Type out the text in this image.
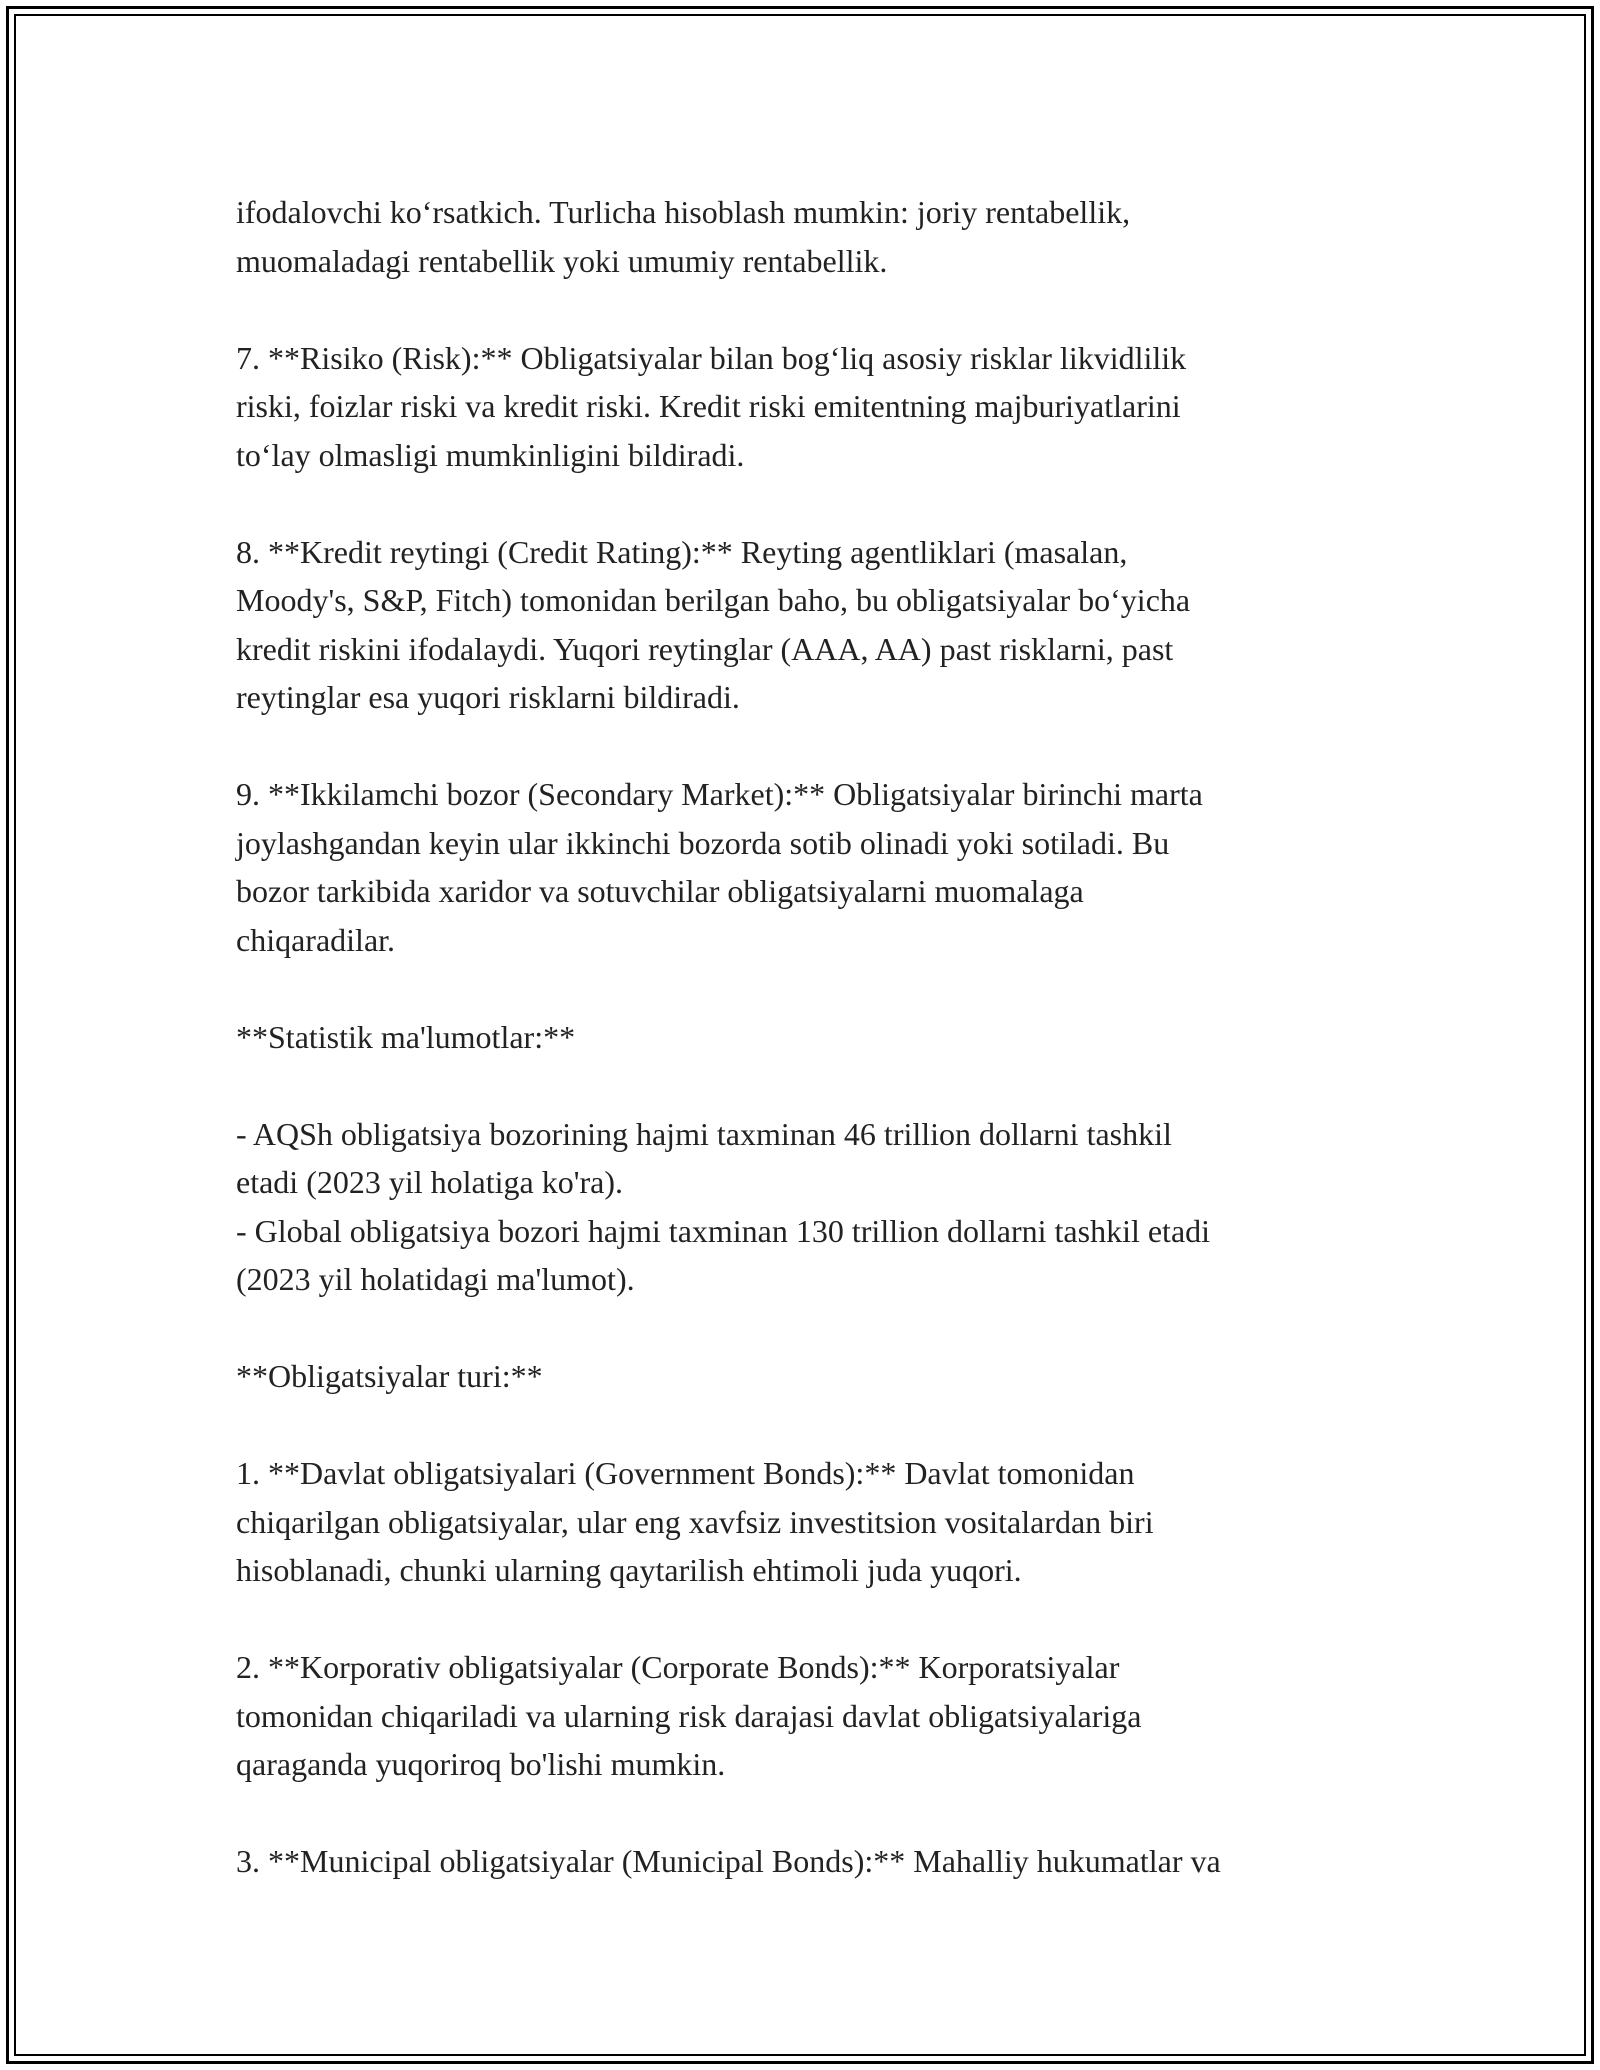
ifodalovchi ko‘rsatkich. Turlicha hisoblash mumkin: joriy rentabellik,
muomaladagi rentabellik yoki umumiy rentabellik.

7. **Risiko (Risk):** Obligatsiyalar bilan bog‘liq asosiy risklar likvidlilik
riski, foizlar riski va kredit riski. Kredit riski emitentning majburiyatlarini
to‘lay olmasligi mumkinligini bildiradi.

8. **Kredit reytingi (Credit Rating):** Reyting agentliklari (masalan,
Moody's, S&P, Fitch) tomonidan berilgan baho, bu obligatsiyalar bo‘yicha
kredit riskini ifodalaydi. Yuqori reytinglar (AAA, AA) past risklarni, past
reytinglar esa yuqori risklarni bildiradi.

9. **Ikkilamchi bozor (Secondary Market):** Obligatsiyalar birinchi marta
joylashgandan keyin ular ikkinchi bozorda sotib olinadi yoki sotiladi. Bu
bozor tarkibida xaridor va sotuvchilar obligatsiyalarni muomalaga
chiqaradilar.

**Statistik ma'lumotlar:**

- AQSh obligatsiya bozorining hajmi taxminan 46 trillion dollarni tashkil
etadi (2023 yil holatiga ko'ra).
- Global obligatsiya bozori hajmi taxminan 130 trillion dollarni tashkil etadi
(2023 yil holatidagi ma'lumot).

**Obligatsiyalar turi:**

1. **Davlat obligatsiyalari (Government Bonds):** Davlat tomonidan
chiqarilgan obligatsiyalar, ular eng xavfsiz investitsion vositalardan biri
hisoblanadi, chunki ularning qaytarilish ehtimoli juda yuqori.

2. **Korporativ obligatsiyalar (Corporate Bonds):** Korporatsiyalar
tomonidan chiqariladi va ularning risk darajasi davlat obligatsiyalariga
qaraganda yuqoriroq bo'lishi mumkin.

3. **Municipal obligatsiyalar (Municipal Bonds):** Mahalliy hukumatlar va
